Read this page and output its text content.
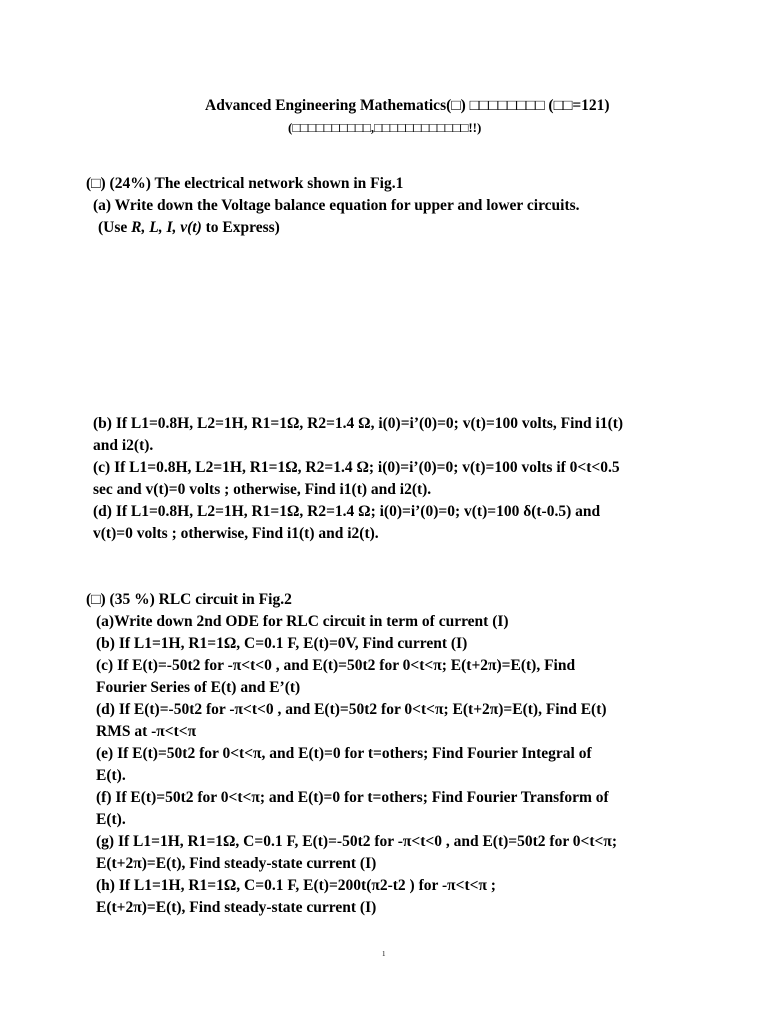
Advanced Engineering Mathematics(□) □□□□□□□□ (□□=121)
(□□□□□□□□□□,□□□□□□□□□□□□!!)
(□) (24%) The electrical network shown in Fig.1
(a) Write down the Voltage balance equation for upper and lower circuits.
(Use R, L, I, v(t) to Express)
(b) If L1=0.8H, L2=1H, R1=1Ω, R2=1.4 Ω, i(0)=i’(0)=0; v(t)=100 volts, Find i1(t)
and i2(t).
(c) If L1=0.8H, L2=1H, R1=1Ω, R2=1.4 Ω; i(0)=i’(0)=0; v(t)=100 volts if 0<t<0.5
sec and v(t)=0 volts ; otherwise, Find i1(t) and i2(t).
(d) If L1=0.8H, L2=1H, R1=1Ω, R2=1.4 Ω; i(0)=i’(0)=0; v(t)=100 δ(t-0.5) and
v(t)=0 volts ; otherwise, Find i1(t) and i2(t).
(□) (35 %) RLC circuit in Fig.2
(a)Write down 2nd ODE for RLC circuit in term of current (I)
(b) If L1=1H, R1=1Ω, C=0.1 F, E(t)=0V, Find current (I)
(c) If E(t)=-50t2 for -π<t<0 , and E(t)=50t2 for 0<t<π; E(t+2π)=E(t), Find
Fourier Series of E(t) and E’(t)
(d) If E(t)=-50t2 for -π<t<0 , and E(t)=50t2 for 0<t<π; E(t+2π)=E(t), Find E(t)
RMS at -π<t<π
(e) If E(t)=50t2 for 0<t<π, and E(t)=0 for t=others; Find Fourier Integral of
E(t).
(f) If E(t)=50t2 for 0<t<π; and E(t)=0 for t=others; Find Fourier Transform of
E(t).
(g) If L1=1H, R1=1Ω, C=0.1 F, E(t)=-50t2 for -π<t<0 , and E(t)=50t2 for 0<t<π;
E(t+2π)=E(t), Find steady-state current (I)
(h) If L1=1H, R1=1Ω, C=0.1 F, E(t)=200t(π2-t2 ) for -π<t<π ;
E(t+2π)=E(t), Find steady-state current (I)
1
